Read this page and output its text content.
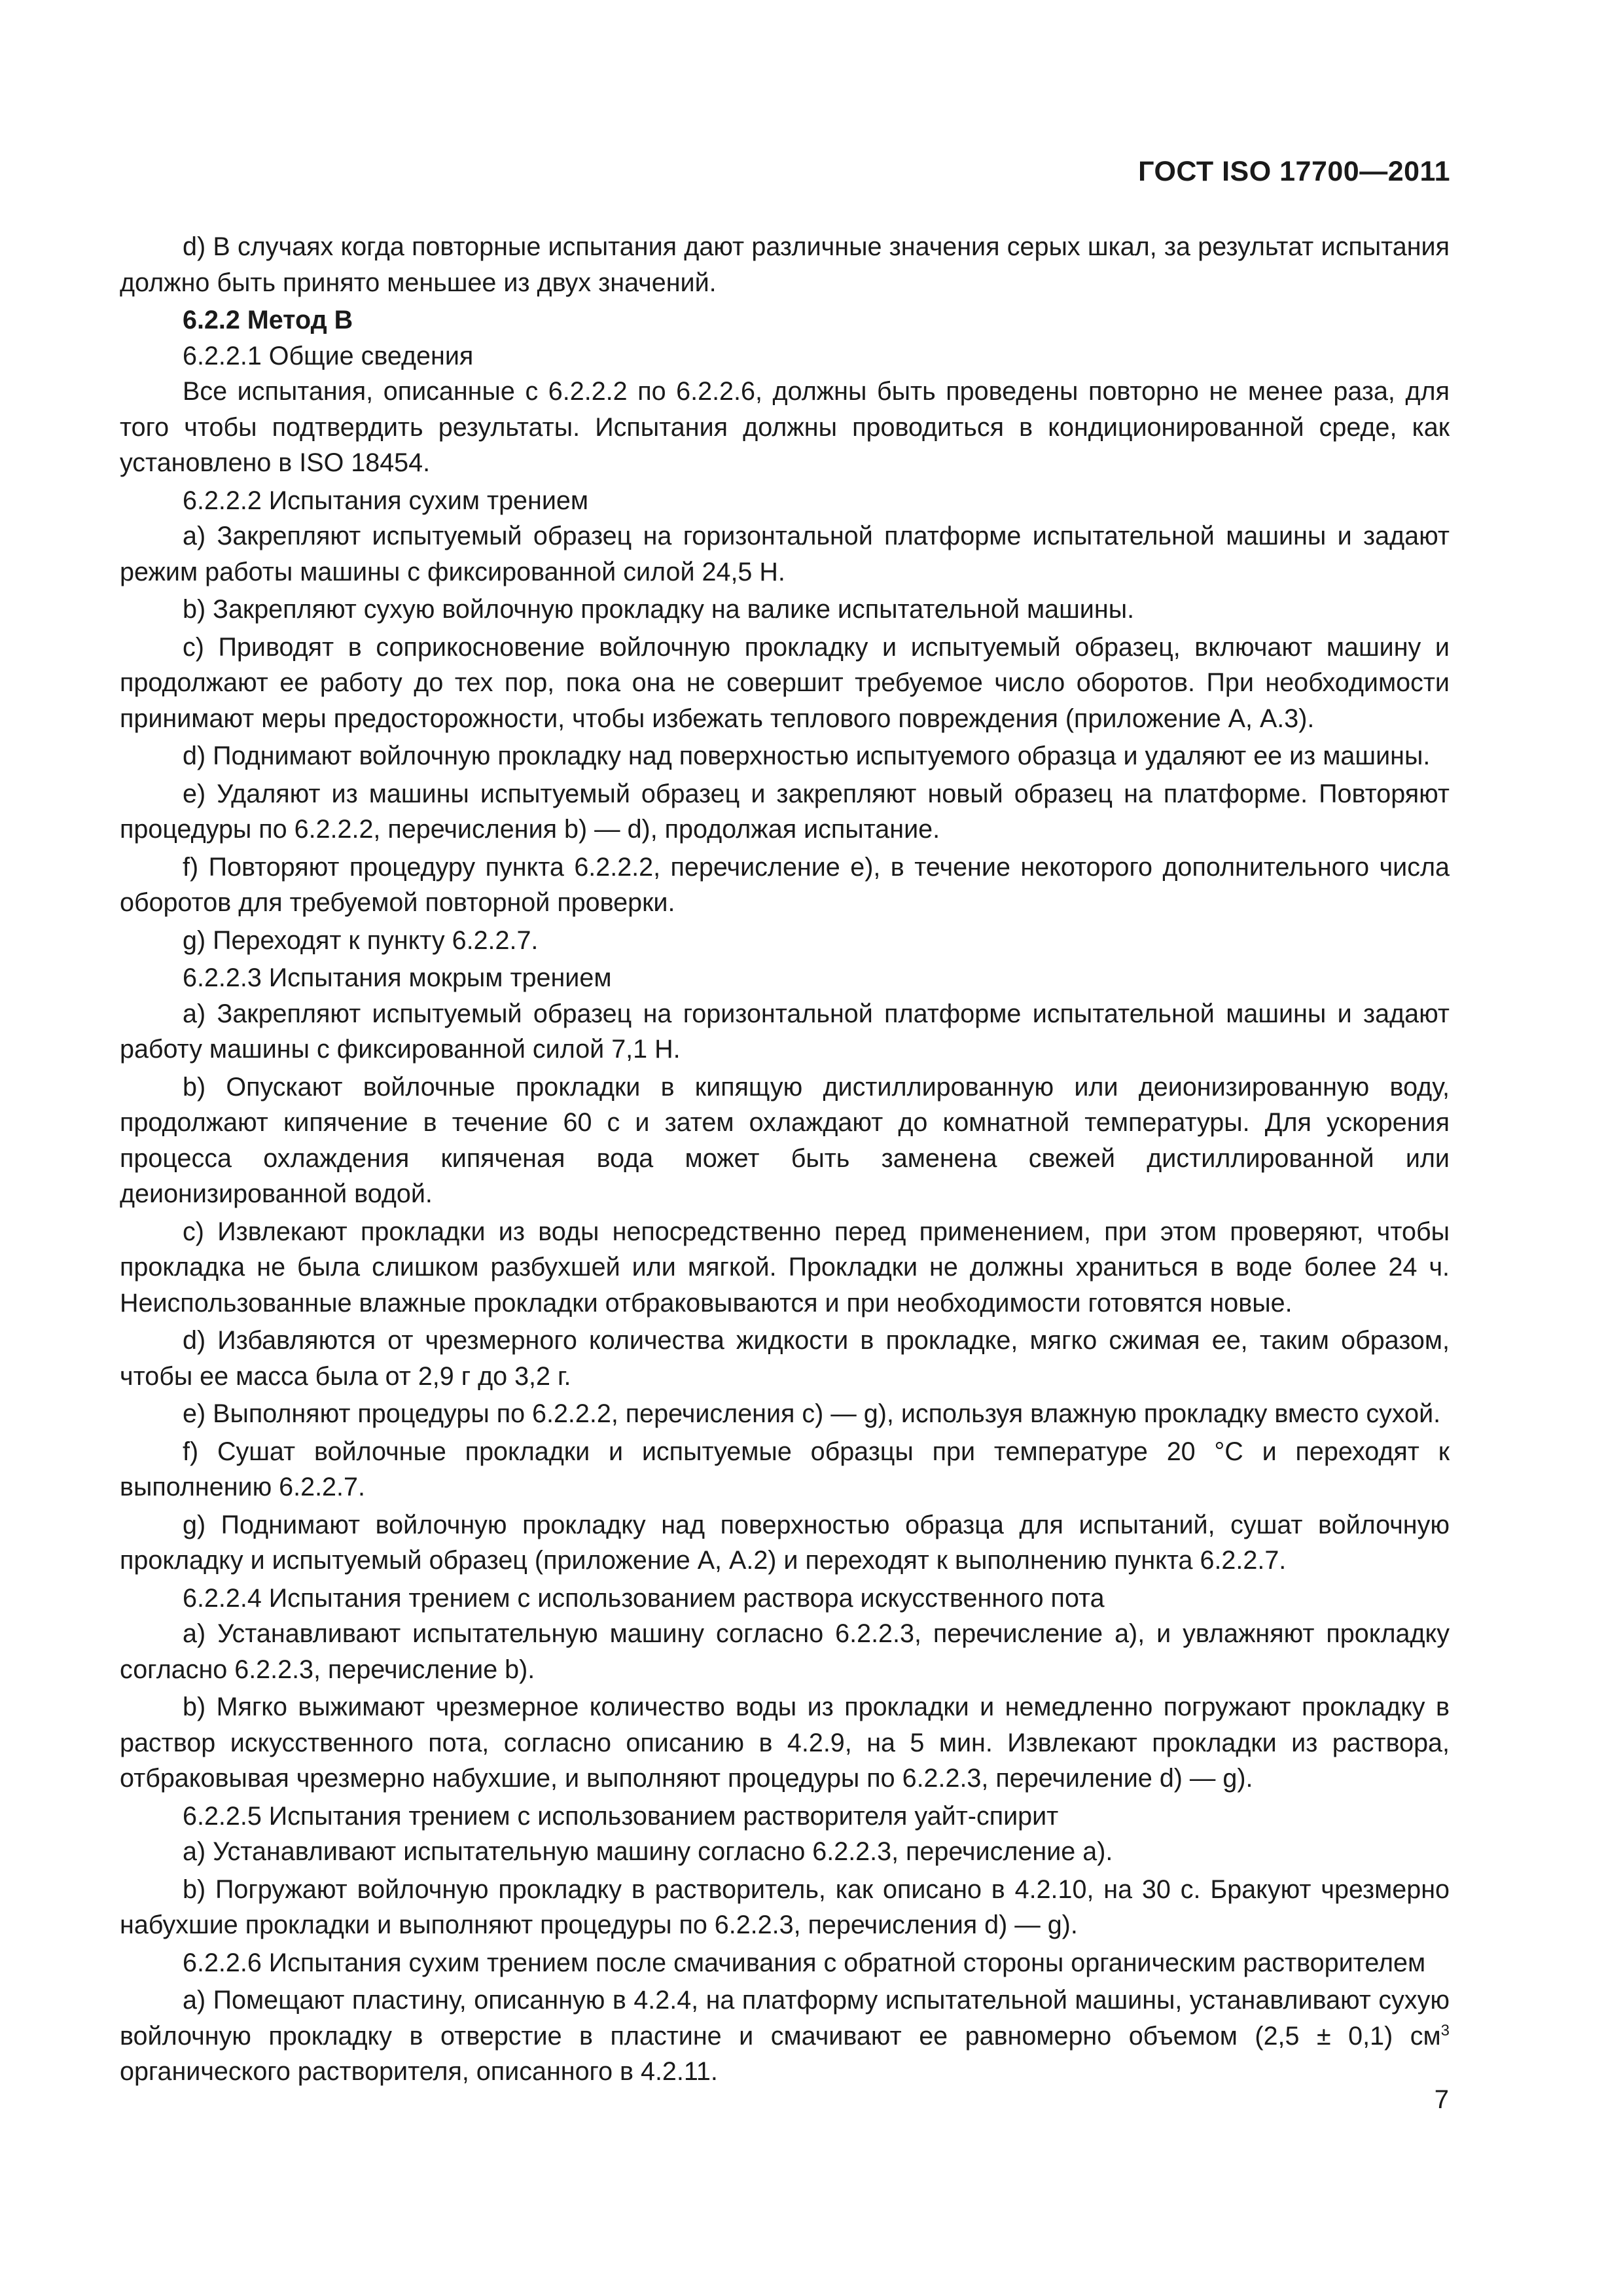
ГОСТ ISO 17700—2011

d) В случаях когда повторные испытания дают различные значения серых шкал, за результат испытания должно быть принято меньшее из двух значений.

6.2.2 Метод В

6.2.2.1 Общие сведения

Все испытания, описанные с 6.2.2.2 по 6.2.2.6, должны быть проведены повторно не менее раза, для того чтобы подтвердить результаты. Испытания должны проводиться в кондиционированной среде, как установлено в ISO 18454.

6.2.2.2 Испытания сухим трением

а) Закрепляют испытуемый образец на горизонтальной платформе испытательной машины и задают режим работы машины с фиксированной силой 24,5 Н.

b) Закрепляют сухую войлочную прокладку на валике испытательной машины.

c) Приводят в соприкосновение войлочную прокладку и испытуемый образец, включают машину и продолжают ее работу до тех пор, пока она не совершит требуемое число оборотов. При необходимости принимают меры предосторожности, чтобы избежать теплового повреждения (приложение А, А.3).

d) Поднимают войлочную прокладку над поверхностью испытуемого образца и удаляют ее из машины.

e) Удаляют из машины испытуемый образец и закрепляют новый образец на платформе. Повторяют процедуры по 6.2.2.2, перечисления b) — d), продолжая испытание.

f) Повторяют процедуру пункта 6.2.2.2, перечисление e), в течение некоторого дополнительного числа оборотов для требуемой повторной проверки.

g) Переходят к пункту 6.2.2.7.

6.2.2.3 Испытания мокрым трением

а) Закрепляют испытуемый образец на горизонтальной платформе испытательной машины и задают работу машины с фиксированной силой 7,1 Н.

b) Опускают войлочные прокладки в кипящую дистиллированную или деионизированную воду, продолжают кипячение в течение 60 с и затем охлаждают до комнатной температуры. Для ускорения процесса охлаждения кипяченая вода может быть заменена свежей дистиллированной или деионизированной водой.

c) Извлекают прокладки из воды непосредственно перед применением, при этом проверяют, чтобы прокладка не была слишком разбухшей или мягкой. Прокладки не должны храниться в воде более 24 ч. Неиспользованные влажные прокладки отбраковываются и при необходимости готовятся новые.

d) Избавляются от чрезмерного количества жидкости в прокладке, мягко сжимая ее, таким образом, чтобы ее масса была от 2,9 г до 3,2 г.

e) Выполняют процедуры по 6.2.2.2, перечисления c) — g), используя влажную прокладку вместо сухой.

f) Сушат войлочные прокладки и испытуемые образцы при температуре 20 °С и переходят к выполнению 6.2.2.7.

g) Поднимают войлочную прокладку над поверхностью образца для испытаний, сушат войлочную прокладку и испытуемый образец (приложение А, А.2) и переходят к выполнению пункта 6.2.2.7.

6.2.2.4 Испытания трением с использованием раствора искусственного пота

а) Устанавливают испытательную машину согласно 6.2.2.3, перечисление а), и увлажняют прокладку согласно 6.2.2.3, перечисление b).

b) Мягко выжимают чрезмерное количество воды из прокладки и немедленно погружают прокладку в раствор искусственного пота, согласно описанию в 4.2.9, на 5 мин. Извлекают прокладки из раствора, отбраковывая чрезмерно набухшие, и выполняют процедуры по 6.2.2.3, перечиление d) — g).

6.2.2.5 Испытания трением с использованием растворителя уайт-спирит

а) Устанавливают испытательную машину согласно 6.2.2.3, перечисление а).

b) Погружают войлочную прокладку в растворитель, как описано в 4.2.10, на 30 с. Бракуют чрезмерно набухшие прокладки и выполняют процедуры по 6.2.2.3, перечисления d) — g).

6.2.2.6 Испытания сухим трением после смачивания с обратной стороны органическим растворителем

а) Помещают пластину, описанную в 4.2.4, на платформу испытательной машины, устанавливают сухую войлочную прокладку в отверстие в пластине и смачивают ее равномерно объемом (2,5 ± 0,1) $см^3$ органического растворителя, описанного в 4.2.11.

7
